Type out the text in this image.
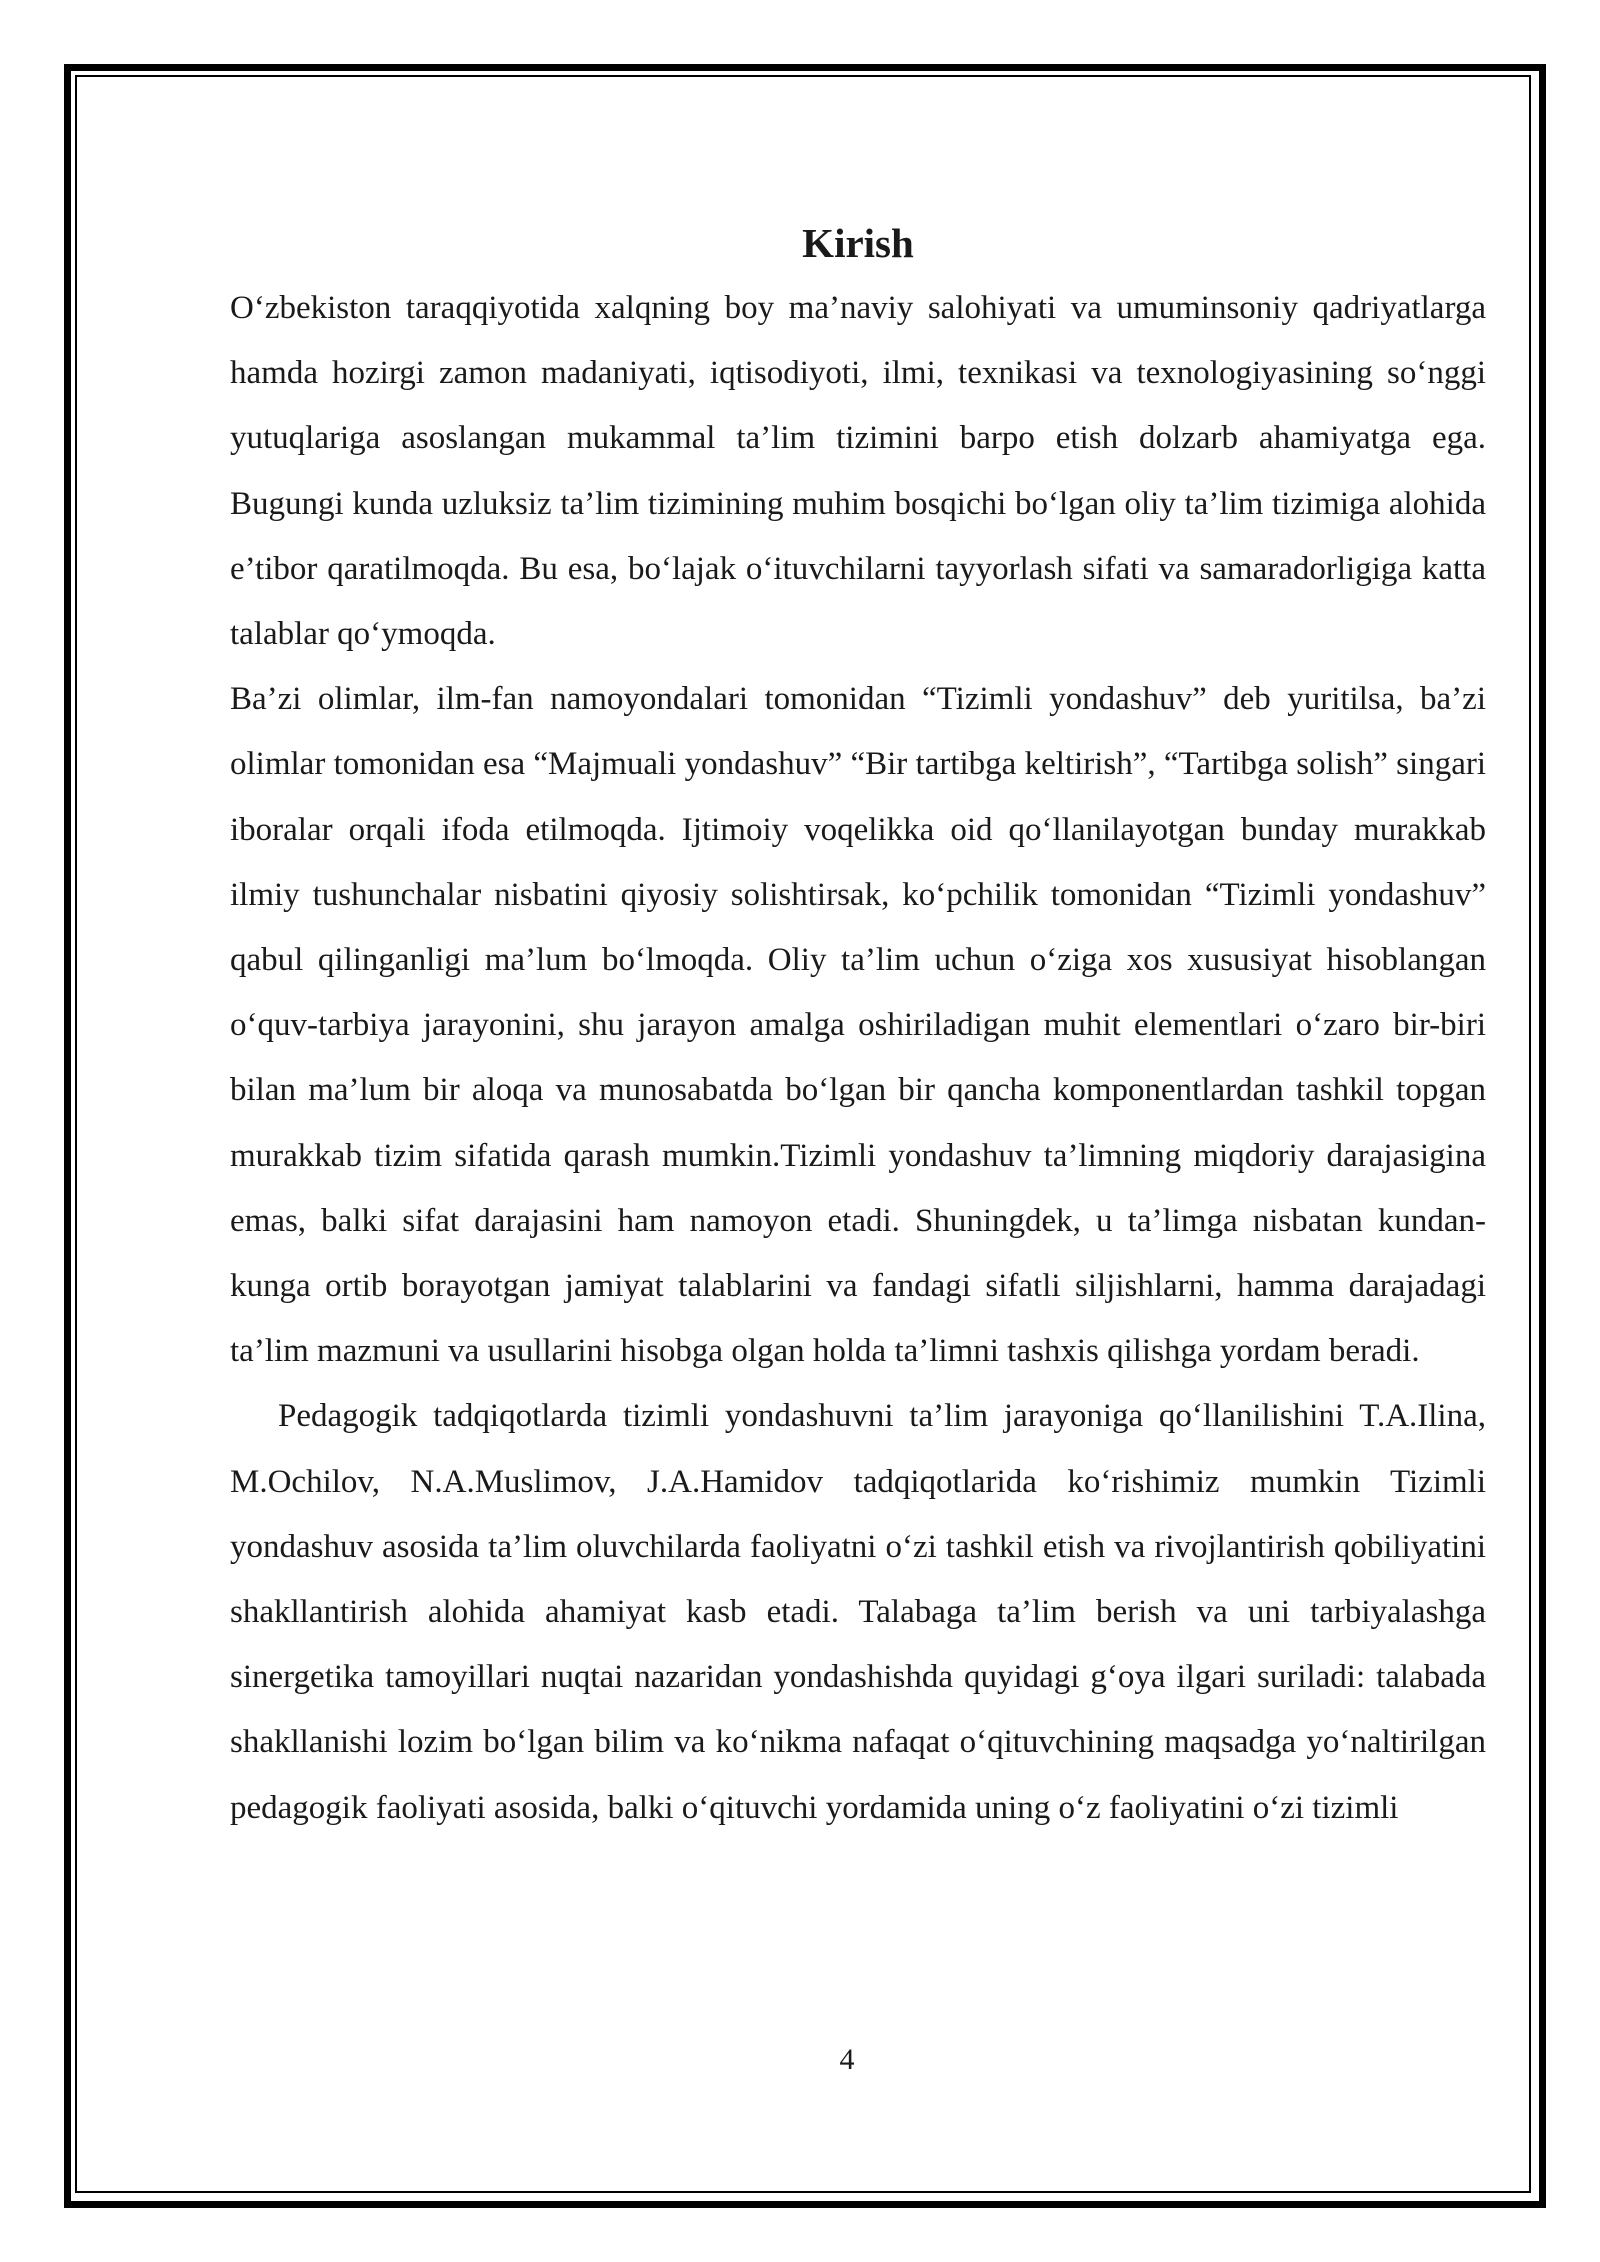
Kirish

O‘zbekiston taraqqiyotida xalqning boy ma’naviy salohiyati va umuminsoniy qadriyatlarga hamda hozirgi zamon madaniyati, iqtisodiyoti, ilmi, texnikasi va texnologiyasining so‘nggi yutuqlariga asoslangan mukammal ta’lim tizimini barpo etish dolzarb ahamiyatga ega. Bugungi kunda uzluksiz ta’lim tizimining muhim bosqichi bo‘lgan oliy ta’lim tizimiga alohida e’tibor qaratilmoqda. Bu esa, bo‘lajak o‘ituvchilarni tayyorlash sifati va samaradorligiga katta talablar qo‘ymoqda.

Ba’zi olimlar, ilm-fan namoyondalari tomonidan “Tizimli yondashuv” deb yuritilsa, ba’zi olimlar tomonidan esa “Majmuali yondashuv” “Bir tartibga keltirish”, “Tartibga solish” singari iboralar orqali ifoda etilmoqda. Ijtimoiy voqelikka oid qo‘llanilayotgan bunday murakkab ilmiy tushunchalar nisbatini qiyosiy solishtirsak, ko‘pchilik tomonidan “Tizimli yondashuv” qabul qilinganligi ma’lum bo‘lmoqda. Oliy ta’lim uchun o‘ziga xos xususiyat hisoblangan o‘quv-tarbiya jarayonini, shu jarayon amalga oshiriladigan muhit elementlari o‘zaro bir-biri bilan ma’lum bir aloqa va munosabatda bo‘lgan bir qancha komponentlardan tashkil topgan murakkab tizim sifatida qarash mumkin.Tizimli yondashuv ta’limning miqdoriy darajasigina emas, balki sifat darajasini ham namoyon etadi. Shuningdek, u ta’limga nisbatan kundan-kunga ortib borayotgan jamiyat talablarini va fandagi sifatli siljishlarni, hamma darajadagi ta’lim mazmuni va usullarini hisobga olgan holda ta’limni tashxis qilishga yordam beradi.

Pedagogik tadqiqotlarda tizimli yondashuvni ta’lim jarayoniga qo‘llanilishini T.A.Ilina, M.Ochilov, N.A.Muslimov, J.A.Hamidov tadqiqotlarida ko‘rishimiz mumkin Tizimli yondashuv asosida ta’lim oluvchilarda faoliyatni o‘zi tashkil etish va rivojlantirish qobiliyatini shakllantirish alohida ahamiyat kasb etadi. Talabaga ta’lim berish va uni tarbiyalashga sinergetika tamoyillari nuqtai nazaridan yondashishda quyidagi g‘oya ilgari suriladi: talabada shakllanishi lozim bo‘lgan bilim va ko‘nikma nafaqat o‘qituvchining maqsadga yo‘naltirilgan pedagogik faoliyati asosida, balki o‘qituvchi yordamida uning o‘z faoliyatini o‘zi tizimli

4
